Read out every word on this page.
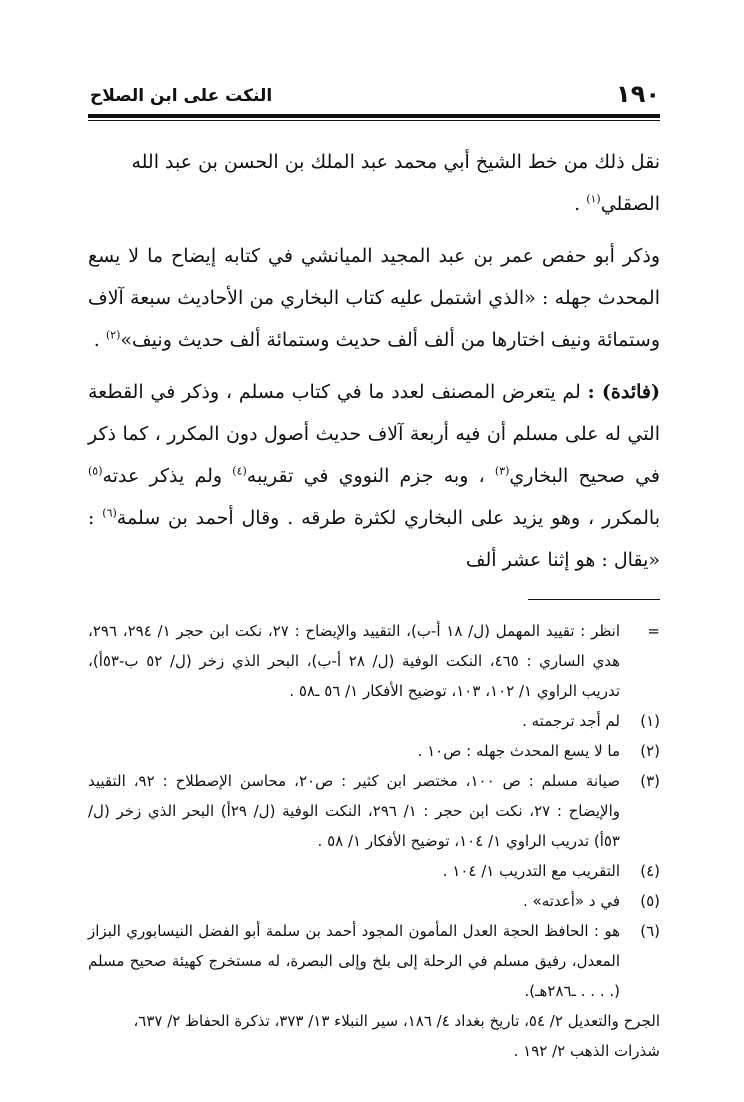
١٩٠
النكت على ابن الصلاح

نقل ذلك من خط الشيخ أبي محمد عبد الملك بن الحسن بن عبد الله الصقلي$^{(١)}$ .

وذكر أبو حفص عمر بن عبد المجيد الميانشي في كتابه إيضاح ما لا يسع المحدث جهله : «الذي اشتمل عليه كتاب البخاري من الأحاديث سبعة آلاف وستمائة ونيف اختارها من ألف ألف حديث وستمائة ألف حديث ونيف»$^{(٢)}$ .

(فائدة) : لم يتعرض المصنف لعدد ما في كتاب مسلم ، وذكر في القطعة التي له على مسلم أن فيه أربعة آلاف حديث أصول دون المكرر ، كما ذكر في صحيح البخاري$^{(٣)}$ ، وبه جزم النووي في تقريبه$^{(٤)}$ ولم يذكر عدته$^{(٥)}$ بالمكرر ، وهو يزيد على البخاري لكثرة طرقه . وقال أحمد بن سلمة$^{(٦)}$ : «يقال : هو إثنا عشر ألف

=
انظر : تقييد المهمل (ل/ ١٨ أ-ب)، التقييد والإيضاح : ٢٧، نكت ابن حجر ١/ ٢٩٤، ٢٩٦، هدي الساري : ٤٦٥، النكت الوفية (ل/ ٢٨ أ-ب)، البحر الذي زخر (ل/ ٥٢ ب-٥٣أ)، تدريب الراوي ١/ ١٠٢، ١٠٣، توضيح الأفكار ١/ ٥٦ ـ٥٨ .
(١)
لم أجد ترجمته .
(٢)
ما لا يسع المحدث جهله : ص١٠ .
(٣)
صيانة مسلم : ص ١٠٠، مختصر ابن كثير : ص٢٠، محاسن الإصطلاح : ٩٢، التقييد والإيضاح : ٢٧، نكت ابن حجر : ١/ ٢٩٦، النكت الوفية (ل/ ٢٩أ) البحر الذي زخر (ل/ ٥٣أ) تدريب الراوي ١/ ١٠٤، توضيح الأفكار ١/ ٥٨ .
(٤)
التقريب مع التدريب ١/ ١٠٤ .
(٥)
في د «أعدته» .
(٦)
هو : الحافظ الحجة العدل المأمون المجود أحمد بن سلمة أبو الفضل النيسابوري البزاز المعدل، رفيق مسلم في الرحلة إلى بلخ وإلى البصرة، له مستخرج كهيئة صحيح مسلم (. . . . ـ٢٨٦هـ).
الجرح والتعديل ٢/ ٥٤، تاريخ بغداد ٤/ ١٨٦، سير النبلاء ١٣/ ٣٧٣، تذكرة الحفاظ ٢/ ٦٣٧، شذرات الذهب ٢/ ١٩٢ .
